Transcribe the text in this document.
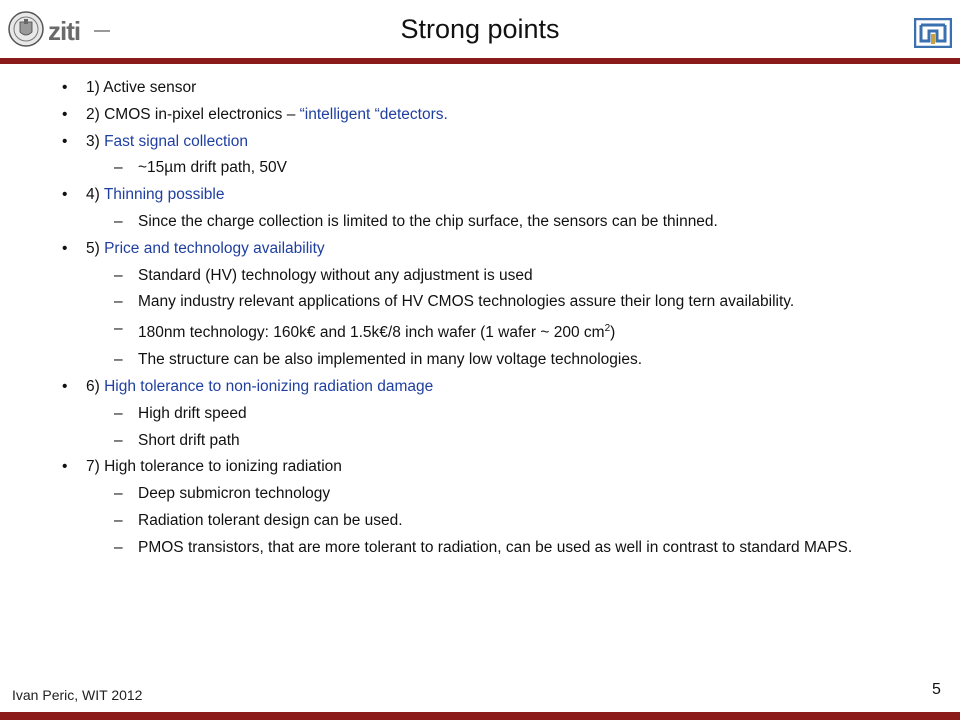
ziti	Strong points
• 1) Active sensor
• 2) CMOS in-pixel electronics – “intelligent “detectors.
• 3) Fast signal collection
– ~15µm drift path, 50V
• 4) Thinning possible
– Since the charge collection is limited to the chip surface, the sensors can be thinned.
• 5) Price and technology availability
– Standard (HV) technology without any adjustment is used
– Many industry relevant applications of HV CMOS technologies assure their long tern availability.
– 180nm technology: 160k€ and 1.5k€/8 inch wafer (1 wafer ~ 200 $cm^2$)
– The structure can be also implemented in many low voltage technologies.
• 6) High tolerance to non-ionizing radiation damage
– High drift speed
– Short drift path
• 7) High tolerance to ionizing radiation
– Deep submicron technology
– Radiation tolerant design can be used.
– PMOS transistors, that are more tolerant to radiation, can be used as well in contrast to standard MAPS.
Ivan Peric, WIT 2012	5
